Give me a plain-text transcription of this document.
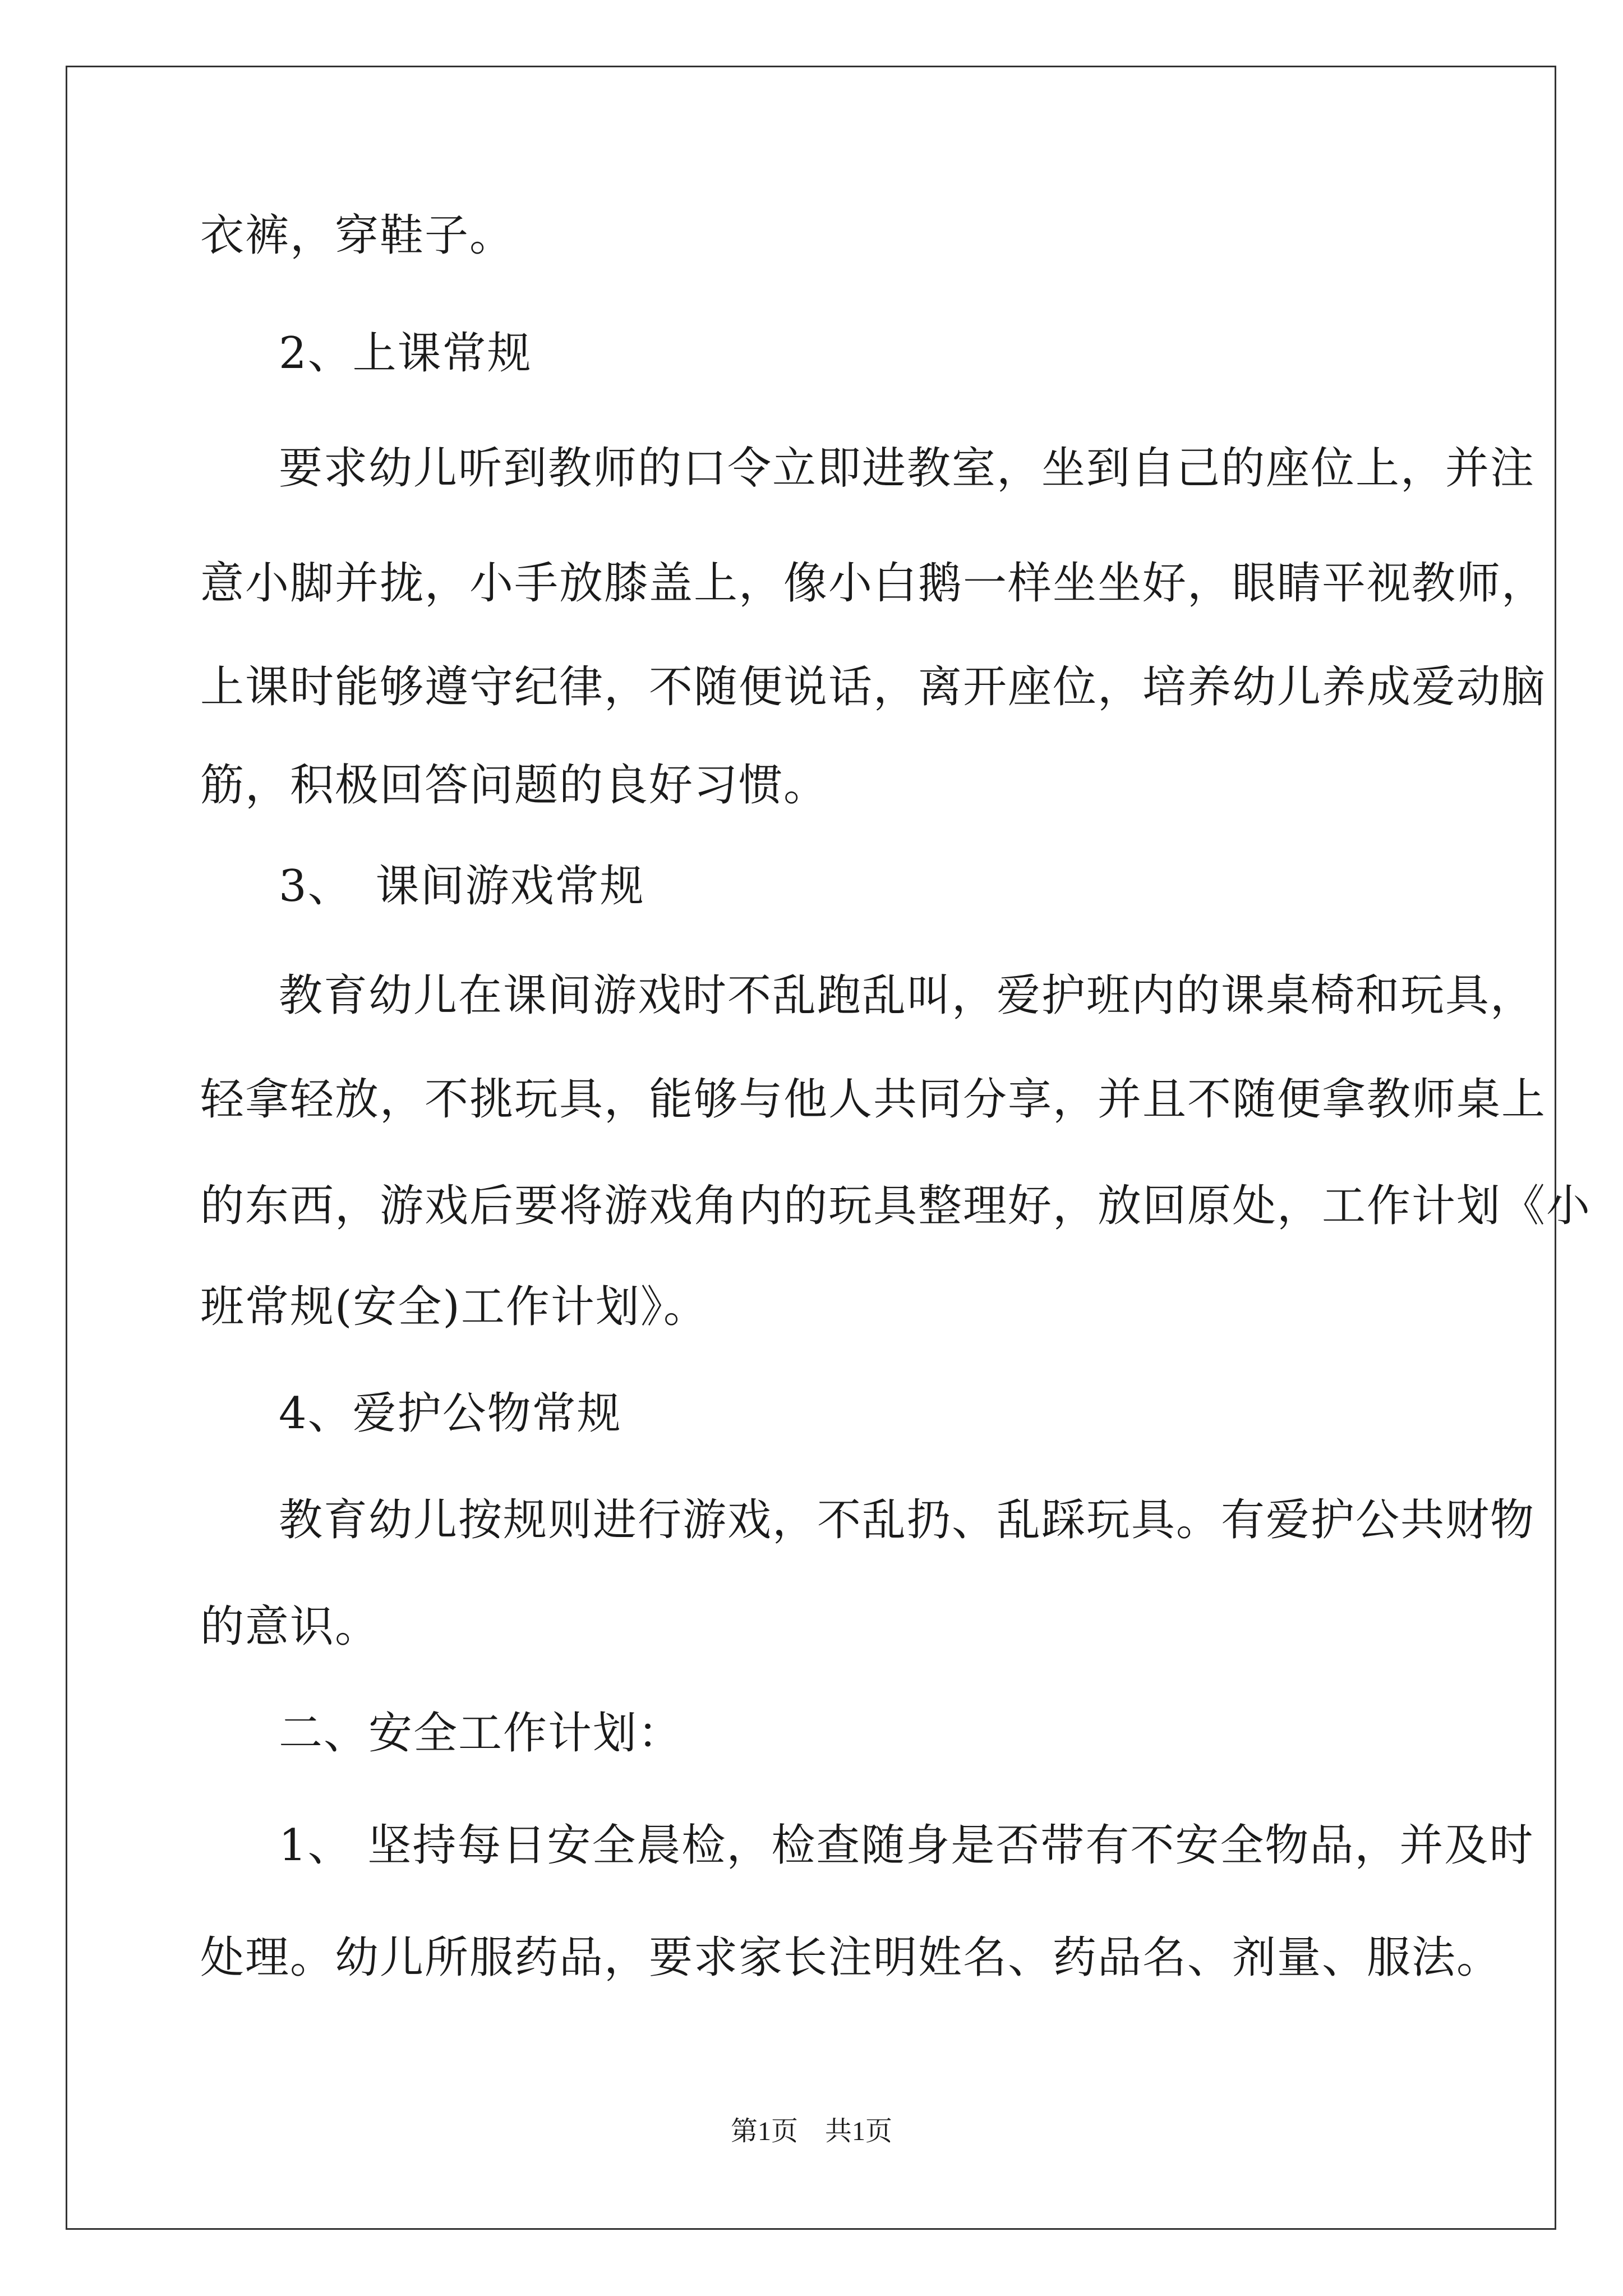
衣裤，穿鞋子。
2、上课常规
要求幼儿听到教师的口令立即进教室，坐到自己的座位上，并注
意小脚并拢，小手放膝盖上，像小白鹅一样坐坐好，眼睛平视教师，
上课时能够遵守纪律，不随便说话，离开座位，培养幼儿养成爱动脑
筋，积极回答问题的良好习惯。
3、　课间游戏常规
教育幼儿在课间游戏时不乱跑乱叫，爱护班内的课桌椅和玩具，
轻拿轻放，不挑玩具，能够与他人共同分享，并且不随便拿教师桌上
的东西，游戏后要将游戏角内的玩具整理好，放回原处，工作计划《小
班常规(安全)工作计划》。
4、爱护公物常规
教育幼儿按规则进行游戏，不乱扔、乱踩玩具。有爱护公共财物
的意识。
二、安全工作计划：
1、 坚持每日安全晨检，检查随身是否带有不安全物品，并及时
处理。幼儿所服药品，要求家长注明姓名、药品名、剂量、服法。
第1页　共1页
